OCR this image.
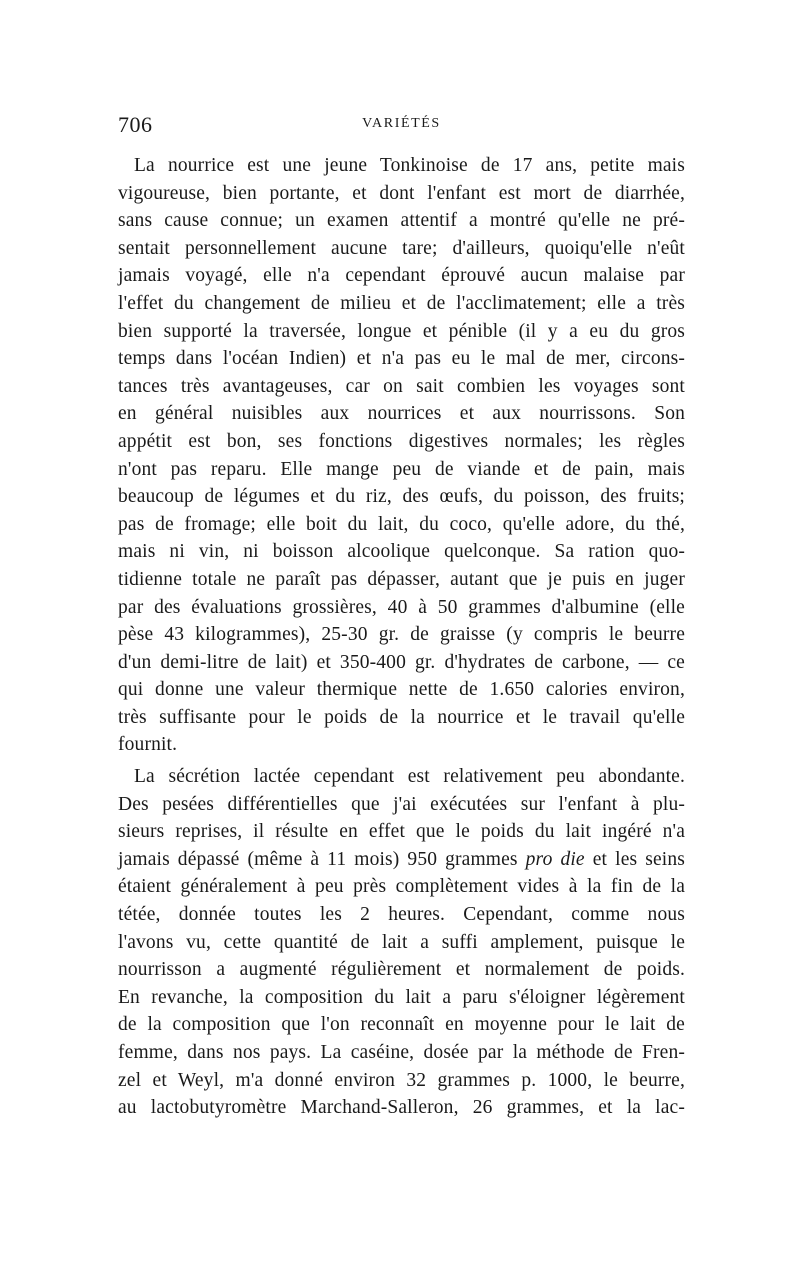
706	VARIÉTÉS
La nourrice est une jeune Tonkinoise de 17 ans, petite mais
vigoureuse, bien portante, et dont l'enfant est mort de diarrhée,
sans cause connue; un examen attentif a montré qu'elle ne pré-
sentait personnellement aucune tare; d'ailleurs, quoiqu'elle n'eût
jamais voyagé, elle n'a cependant éprouvé aucun malaise par
l'effet du changement de milieu et de l'acclimatement; elle a très
bien supporté la traversée, longue et pénible (il y a eu du gros
temps dans l'océan Indien) et n'a pas eu le mal de mer, circons-
tances très avantageuses, car on sait combien les voyages sont
en général nuisibles aux nourrices et aux nourrissons. Son
appétit est bon, ses fonctions digestives normales; les règles
n'ont pas reparu. Elle mange peu de viande et de pain, mais
beaucoup de légumes et du riz, des œufs, du poisson, des fruits;
pas de fromage; elle boit du lait, du coco, qu'elle adore, du thé,
mais ni vin, ni boisson alcoolique quelconque. Sa ration quo-
tidienne totale ne paraît pas dépasser, autant que je puis en juger
par des évaluations grossières, 40 à 50 grammes d'albumine (elle
pèse 43 kilogrammes), 25-30 gr. de graisse (y compris le beurre
d'un demi-litre de lait) et 350-400 gr. d'hydrates de carbone, — ce
qui donne une valeur thermique nette de 1.650 calories environ,
très suffisante pour le poids de la nourrice et le travail qu'elle
fournit.
La sécrétion lactée cependant est relativement peu abondante.
Des pesées différentielles que j'ai exécutées sur l'enfant à plu-
sieurs reprises, il résulte en effet que le poids du lait ingéré n'a
jamais dépassé (même à 11 mois) 950 grammes pro die et les seins
étaient généralement à peu près complètement vides à la fin de la
tétée, donnée toutes les 2 heures. Cependant, comme nous
l'avons vu, cette quantité de lait a suffi amplement, puisque le
nourrisson a augmenté régulièrement et normalement de poids.
En revanche, la composition du lait a paru s'éloigner légèrement
de la composition que l'on reconnaît en moyenne pour le lait de
femme, dans nos pays. La caséine, dosée par la méthode de Fren-
zel et Weyl, m'a donné environ 32 grammes p. 1000, le beurre,
au lactobutyromètre Marchand-Salleron, 26 grammes, et la lac-
